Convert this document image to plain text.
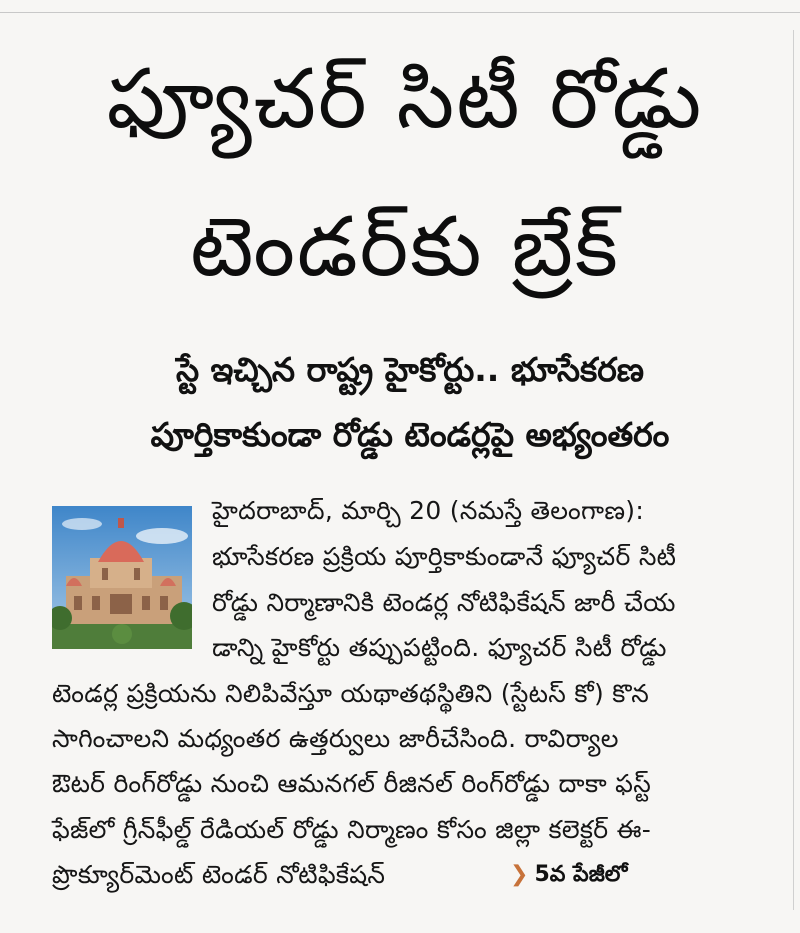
ఫ్యూచర్ సిటీ రోడ్డు
టెండర్‌కు బ్రేక్
స్టే ఇచ్చిన రాష్ట్ర హైకోర్టు.. భూసేకరణ
పూర్తికాకుండా రోడ్డు టెండర్లపై అభ్యంతరం

హైదరాబాద్, మార్చి 20 (నమస్తే తెలంగాణ):

భూసేకరణ ప్రక్రియ పూర్తికాకుండానే ఫ్యూచర్ సిటీ

రోడ్డు నిర్మాణానికి టెండర్ల నోటిఫికేషన్ జారీ చేయ

డాన్ని హైకోర్టు తప్పుపట్టింది. ఫ్యూచర్ సిటీ రోడ్డు

టెండర్ల ప్రక్రియను నిలిపివేస్తూ యథాతథస్థితిని (స్టేటస్ కో) కొన

సాగించాలని మధ్యంతర ఉత్తర్వులు జారీచేసింది. రావిర్యాల

ఔటర్ రింగ్‌రోడ్డు నుంచి ఆమనగల్ రీజినల్ రింగ్‌రోడ్డు దాకా ఫస్ట్

ఫేజ్‌లో గ్రీన్‌ఫీల్డ్ రేడియల్ రోడ్డు నిర్మాణం కోసం జిల్లా కలెక్టర్ ఈ-

ప్రొక్యూర్‌మెంట్ టెండర్ నోటిఫికేషన్	❯ 5వ పేజీలో
